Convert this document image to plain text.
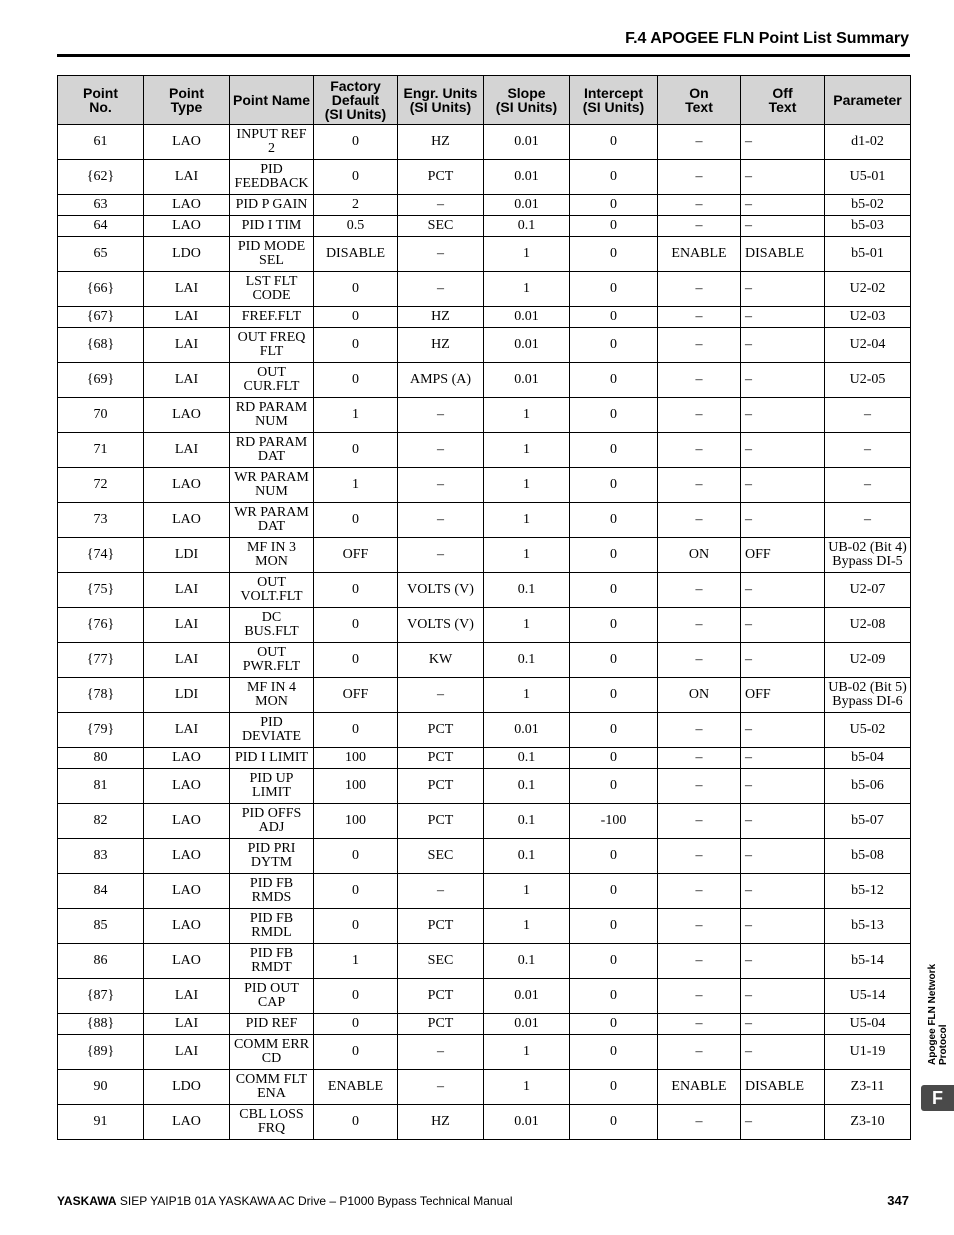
F.4 APOGEE FLN Point List Summary
Point
No.	Point
Type	Point Name	Factory
Default
(SI Units)	Engr. Units
(SI Units)	Slope
(SI Units)	Intercept
(SI Units)	On
Text	Off
Text	Parameter
61	LAO	INPUT REF
2	0	HZ	0.01	0	–	–	d1-02
{62}	LAI	PID
FEEDBACK	0	PCT	0.01	0	–	–	U5-01
63	LAO	PID P GAIN	2	–	0.01	0	–	–	b5-02
64	LAO	PID I TIM	0.5	SEC	0.1	0	–	–	b5-03
65	LDO	PID MODE
SEL	DISABLE	–	1	0	ENABLE	DISABLE	b5-01
{66}	LAI	LST FLT
CODE	0	–	1	0	–	–	U2-02
{67}	LAI	FREF.FLT	0	HZ	0.01	0	–	–	U2-03
{68}	LAI	OUT FREQ
FLT	0	HZ	0.01	0	–	–	U2-04
{69}	LAI	OUT
CUR.FLT	0	AMPS (A)	0.01	0	–	–	U2-05
70	LAO	RD PARAM
NUM	1	–	1	0	–	–	–
71	LAI	RD PARAM
DAT	0	–	1	0	–	–	–
72	LAO	WR PARAM
NUM	1	–	1	0	–	–	–
73	LAO	WR PARAM
DAT	0	–	1	0	–	–	–
{74}	LDI	MF IN 3
MON	OFF	–	1	0	ON	OFF	UB-02 (Bit 4)
Bypass DI-5
{75}	LAI	OUT
VOLT.FLT	0	VOLTS (V)	0.1	0	–	–	U2-07
{76}	LAI	DC
BUS.FLT	0	VOLTS (V)	1	0	–	–	U2-08
{77}	LAI	OUT
PWR.FLT	0	KW	0.1	0	–	–	U2-09
{78}	LDI	MF IN 4
MON	OFF	–	1	0	ON	OFF	UB-02 (Bit 5)
Bypass DI-6
{79}	LAI	PID
DEVIATE	0	PCT	0.01	0	–	–	U5-02
80	LAO	PID I LIMIT	100	PCT	0.1	0	–	–	b5-04
81	LAO	PID UP
LIMIT	100	PCT	0.1	0	–	–	b5-06
82	LAO	PID OFFS
ADJ	100	PCT	0.1	-100	–	–	b5-07
83	LAO	PID PRI
DYTM	0	SEC	0.1	0	–	–	b5-08
84	LAO	PID FB
RMDS	0	–	1	0	–	–	b5-12
85	LAO	PID FB
RMDL	0	PCT	1	0	–	–	b5-13
86	LAO	PID FB
RMDT	1	SEC	0.1	0	–	–	b5-14
{87}	LAI	PID OUT
CAP	0	PCT	0.01	0	–	–	U5-14
{88}	LAI	PID REF	0	PCT	0.01	0	–	–	U5-04
{89}	LAI	COMM ERR
CD	0	–	1	0	–	–	U1-19
90	LDO	COMM FLT
ENA	ENABLE	–	1	0	ENABLE	DISABLE	Z3-11
91	LAO	CBL LOSS
FRQ	0	HZ	0.01	0	–	–	Z3-10
Apogee FLN Network
Protocol
F
YASKAWA SIEP YAIP1B 01A YASKAWA AC Drive – P1000 Bypass Technical Manual	347
